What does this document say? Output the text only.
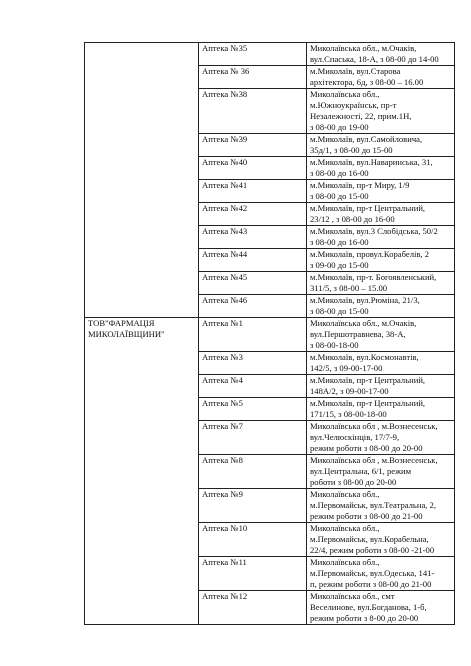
	Аптека №35	Миколаївська обл., м.Очаків,
вул.Спаська, 18-А, з 08-00 до 14-00
	Аптека № 36	м.Миколаїв, вул.Старова
архітектора, 6д, з 08-00 – 16.00
	Аптека №38	Миколаївська обл.,
м.Южноукраїнськ, пр-т
Незалежності, 22, прим.1Н,
з 08-00 до 19-00
	Аптека №39	м.Миколаїв, вул.Самойловича,
35д/1, з 08-00 до 15-00
	Аптека №40	м.Миколаїв, вул.Наваринська, 31,
з 08-00 до 16-00
	Аптека №41	м.Миколаїв, пр-т Миру, 1/9
з 08-00 до 15-00
	Аптека №42	м.Миколаїв, пр-т Центральний,
23/12 , з 08-00 до 16-00
	Аптека №43	м.Миколаїв, вул.3 Слобідська, 50/2
з 08-00 до 16-00
	Аптека №44	м.Миколаїв, провул.Корабелів, 2
з 09-00 до 15-00
	Аптека №45	м.Миколаїв, пр-т. Богоявленський,
311/5, з 08-00 – 15.00
	Аптека №46	м.Миколаїв, вул.Рюміна, 21/3,
з 08-00 до 15-00
ТОВ"ФАРМАЦІЯ
МИКОЛАЇВЩИНИ"	Аптека №1	Миколаївська обл., м.Очаків,
вул.Першотравнева, 38-А,
з 08-00-18-00
	Аптека №3	м.Миколаїв, вул.Космонавтів,
142/5, з 09-00-17-00
	Аптека №4	м.Миколаїв, пр-т Центральний,
148А/2, з 09-00-17-00
	Аптека №5	м.Миколаїв, пр-т Центральний,
171/15, з 08-00-18-00
	Аптека №7	Миколаївська обл , м.Вознесенськ,
вул.Челюскінців, 17/7-9,
режим роботи з 08-00 до 20-00
	Аптека №8	Миколаївська обл , м.Вознесенськ,
вул.Центральна, 6/1, режим
роботи з 08-00 до 20-00
	Аптека №9	Миколаївська обл.,
м.Первомайськ, вул.Театральна, 2,
режим роботи з 08-00 до 21-00
	Аптека №10	Миколаївська обл.,
м.Первомайськ, вул.Корабельна,
22/4, режим роботи з 08-00 -21-00
	Аптека №11	Миколаївська обл.,
м.Первомайськ, вул.Одеська, 141-
п, режим роботи з 08-00 до 21-00
	Аптека №12	Миколаївська обл., смт
Веселинове, вул.Богданова, 1-б,
режим роботи з 8-00 до 20-00
